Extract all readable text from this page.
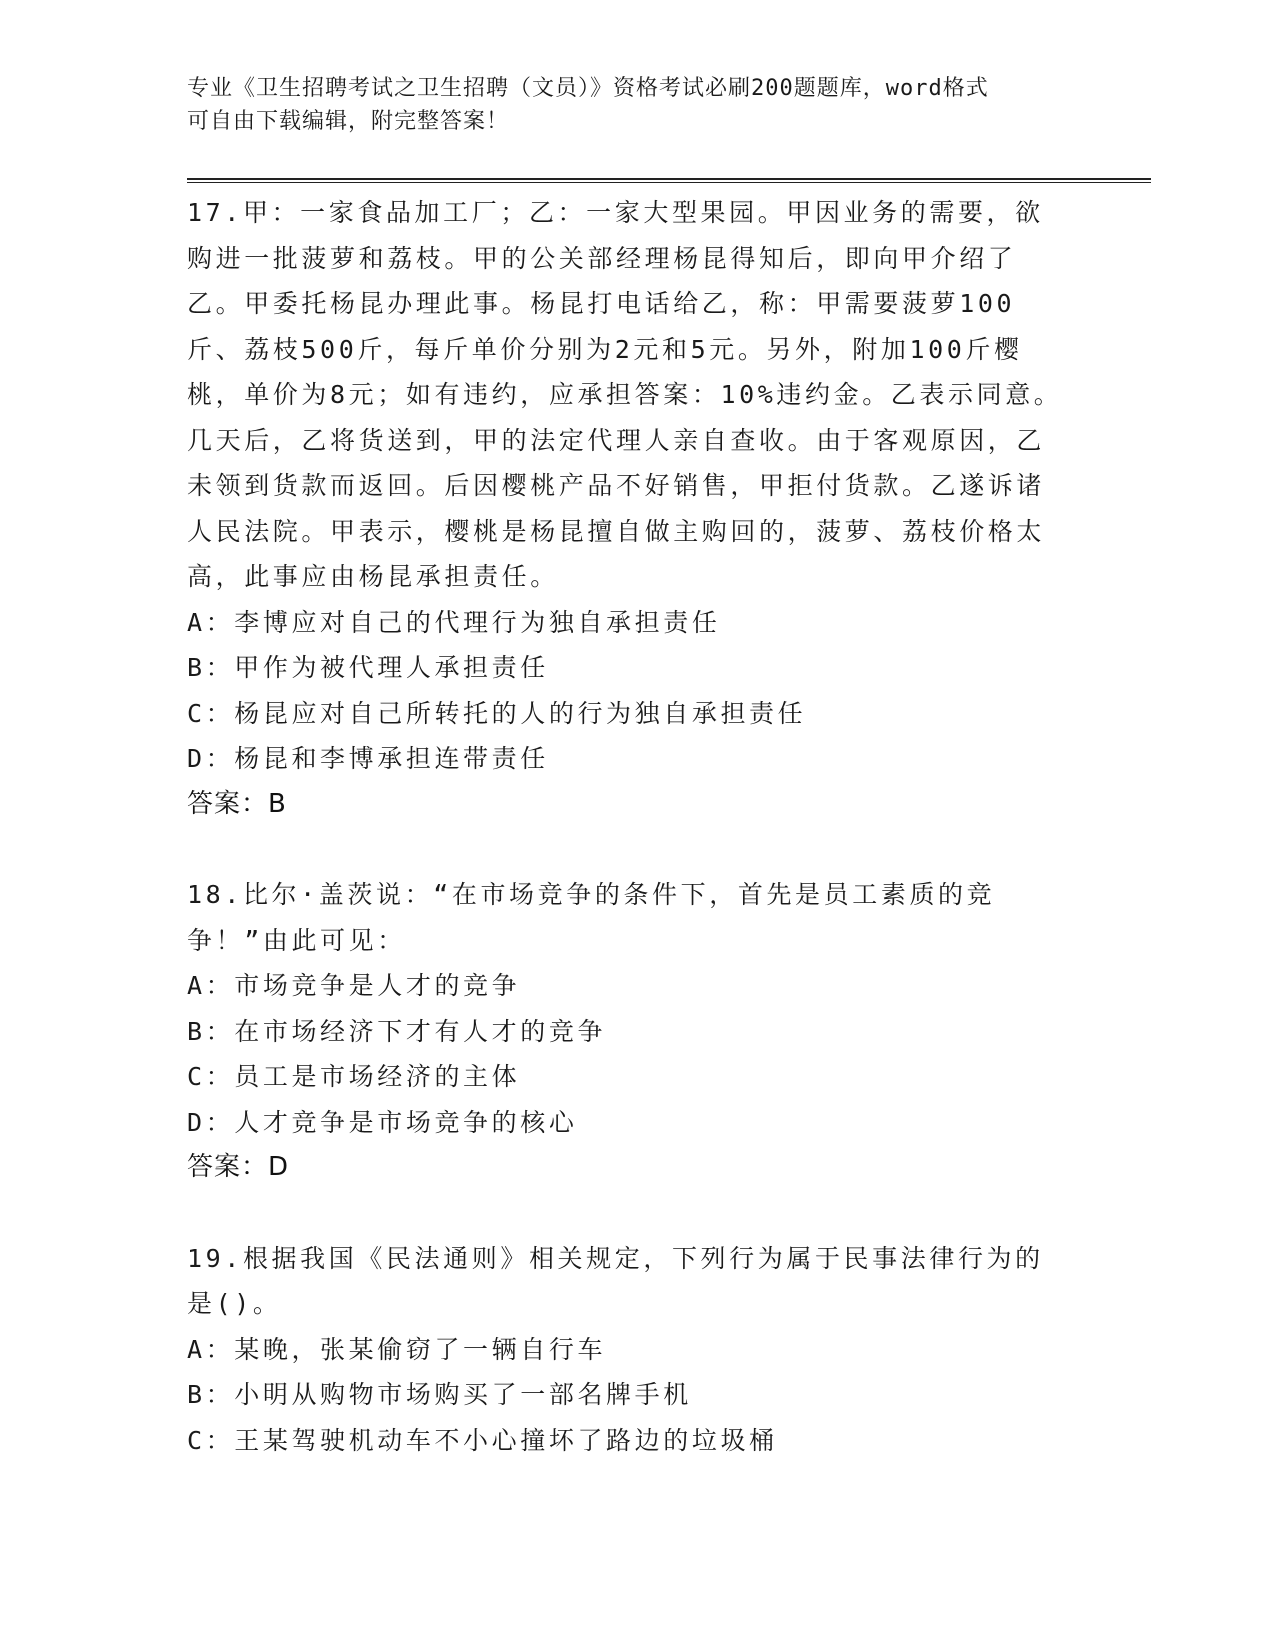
专业《卫生招聘考试之卫生招聘（文员）》资格考试必刷200题题库，word格式
可自由下载编辑，附完整答案！

17.甲：一家食品加工厂；乙：一家大型果园。甲因业务的需要，欲购进一批菠萝和荔枝。甲的公关部经理杨昆得知后，即向甲介绍了乙。甲委托杨昆办理此事。杨昆打电话给乙，称：甲需要菠萝100斤、荔枝500斤，每斤单价分别为2元和5元。另外，附加100斤樱桃，单价为8元；如有违约，应承担答案：10%违约金。乙表示同意。几天后，乙将货送到，甲的法定代理人亲自查收。由于客观原因，乙未领到货款而返回。后因樱桃产品不好销售，甲拒付货款。乙遂诉诸人民法院。甲表示，樱桃是杨昆擅自做主购回的，菠萝、荔枝价格太高，此事应由杨昆承担责任。

A：李博应对自己的代理行为独自承担责任

B：甲作为被代理人承担责任

C：杨昆应对自己所转托的人的行为独自承担责任

D：杨昆和李博承担连带责任

答案：B

18.比尔·盖茨说：“在市场竞争的条件下，首先是员工素质的竞争！”由此可见：

A：市场竞争是人才的竞争

B：在市场经济下才有人才的竞争

C：员工是市场经济的主体

D：人才竞争是市场竞争的核心

答案：D

19.根据我国《民法通则》相关规定，下列行为属于民事法律行为的是()。

A：某晚，张某偷窃了一辆自行车

B：小明从购物市场购买了一部名牌手机

C：王某驾驶机动车不小心撞坏了路边的垃圾桶
